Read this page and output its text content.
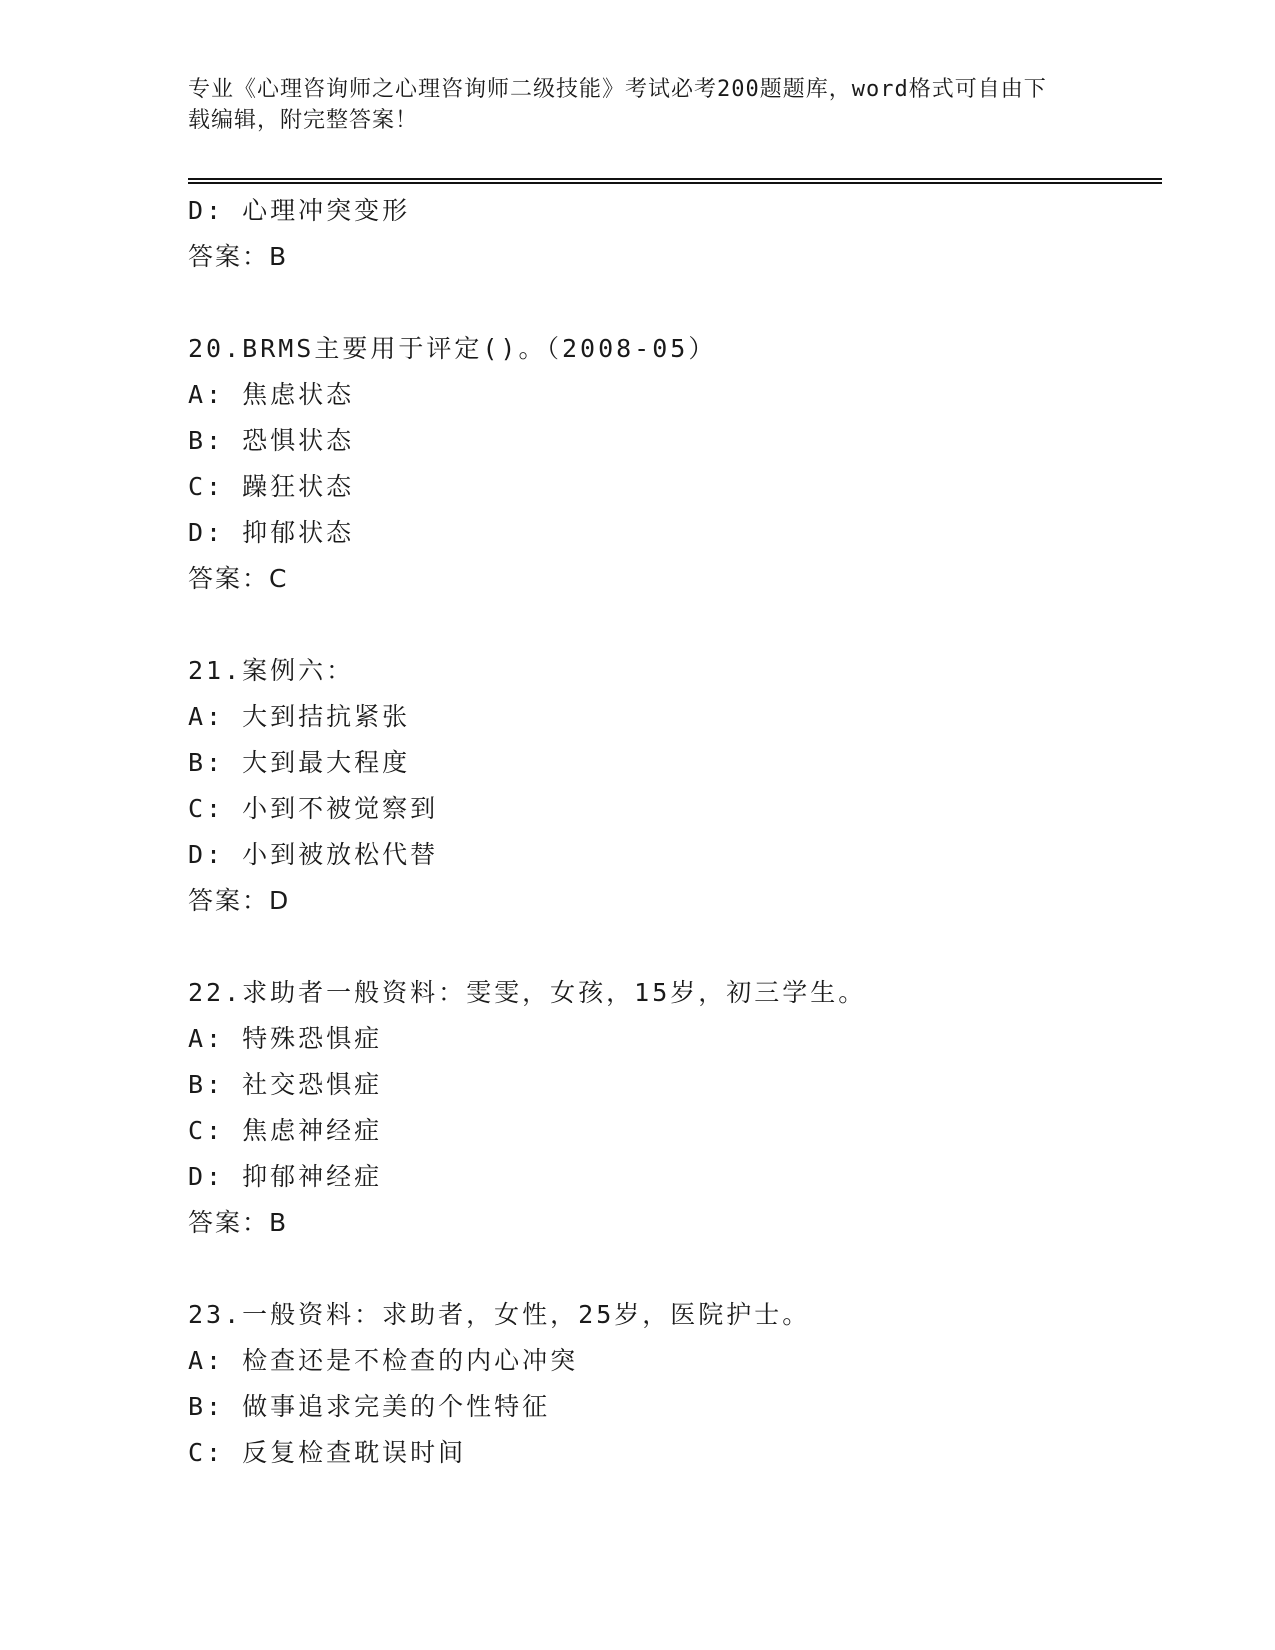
专业《心理咨询师之心理咨询师二级技能》考试必考200题题库，word格式可自由下载编辑，附完整答案！
D: 心理冲突变形
答案：B
20.BRMS主要用于评定()。（2008-05）
A: 焦虑状态
B: 恐惧状态
C: 躁狂状态
D: 抑郁状态
答案：C
21.案例六：
A: 大到拮抗紧张
B: 大到最大程度
C: 小到不被觉察到
D: 小到被放松代替
答案：D
22.求助者一般资料：雯雯，女孩，15岁，初三学生。
A: 特殊恐惧症
B: 社交恐惧症
C: 焦虑神经症
D: 抑郁神经症
答案：B
23.一般资料：求助者，女性，25岁，医院护士。
A: 检查还是不检查的内心冲突
B: 做事追求完美的个性特征
C: 反复检查耽误时间
